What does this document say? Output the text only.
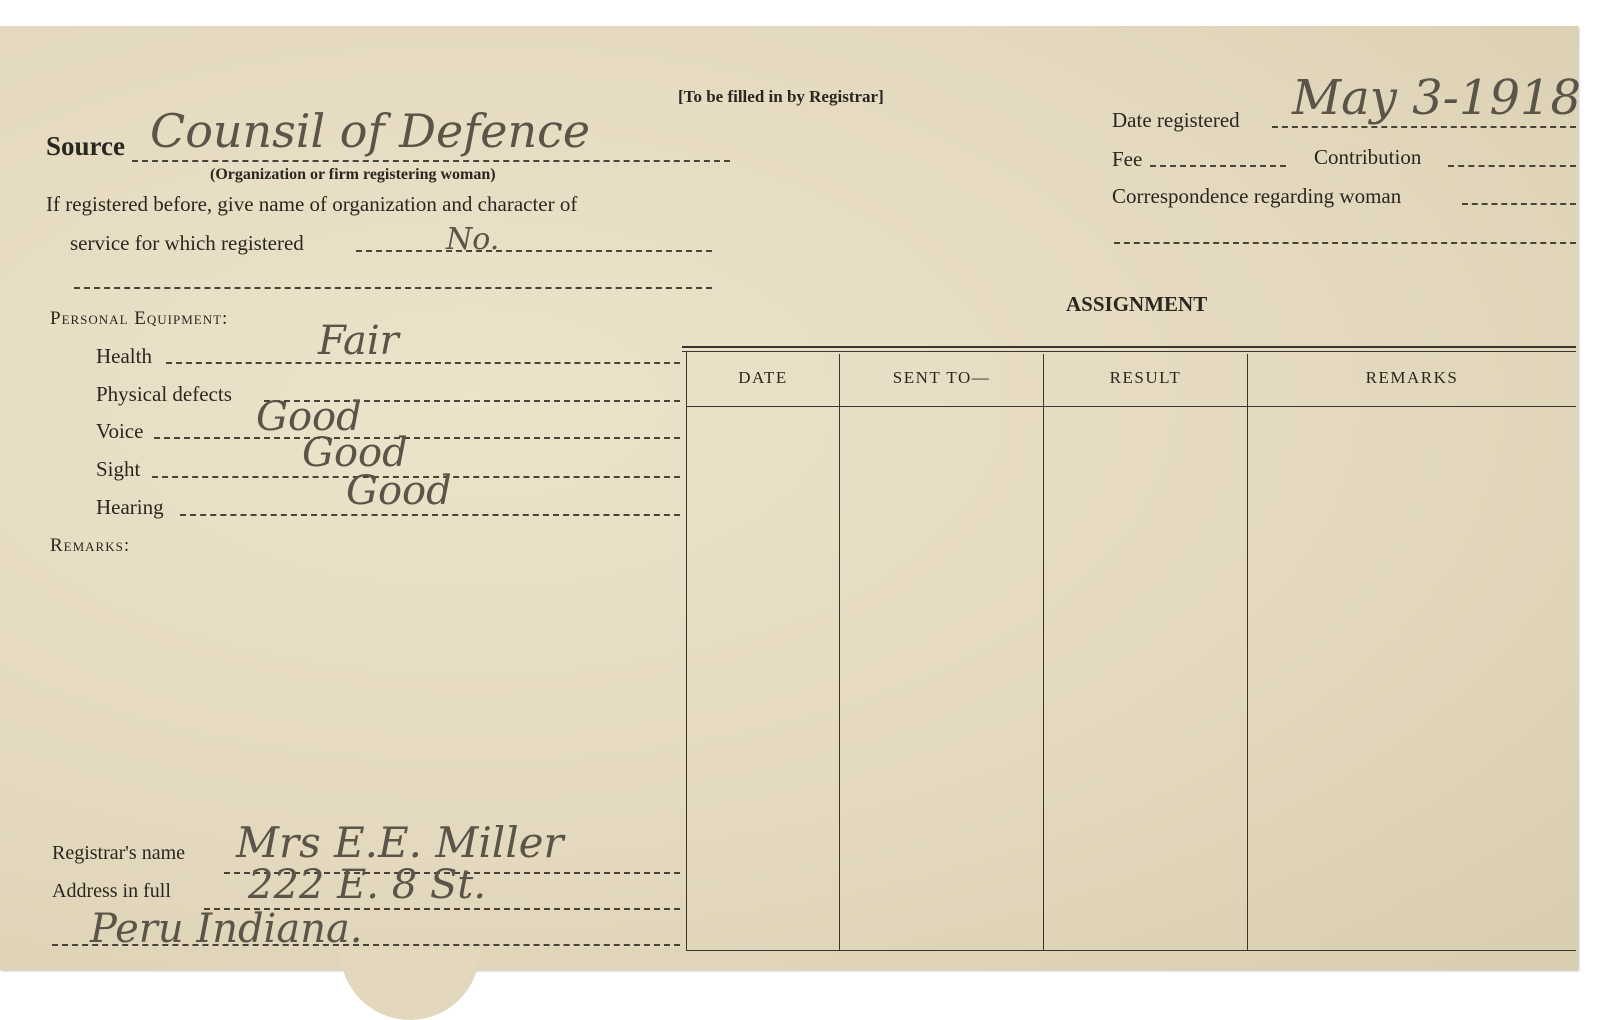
[To be filled in by Registrar]
Source Counsil of Defence
(Organization or firm registering woman)
If registered before, give name of organization and character of
service for which registered	No.
Date registered May 3-1918
Fee	Contribution
Correspondence regarding woman
Personal Equipment:
Health	Fair
Physical defects
Voice	Good
Sight	Good
Hearing	Good
Remarks:
Registrar's name Mrs E.E. Miller
Address in full 222 E. 8 St.
Peru Indiana.
ASSIGNMENT
DATE	SENT TO—	RESULT	REMARKS
